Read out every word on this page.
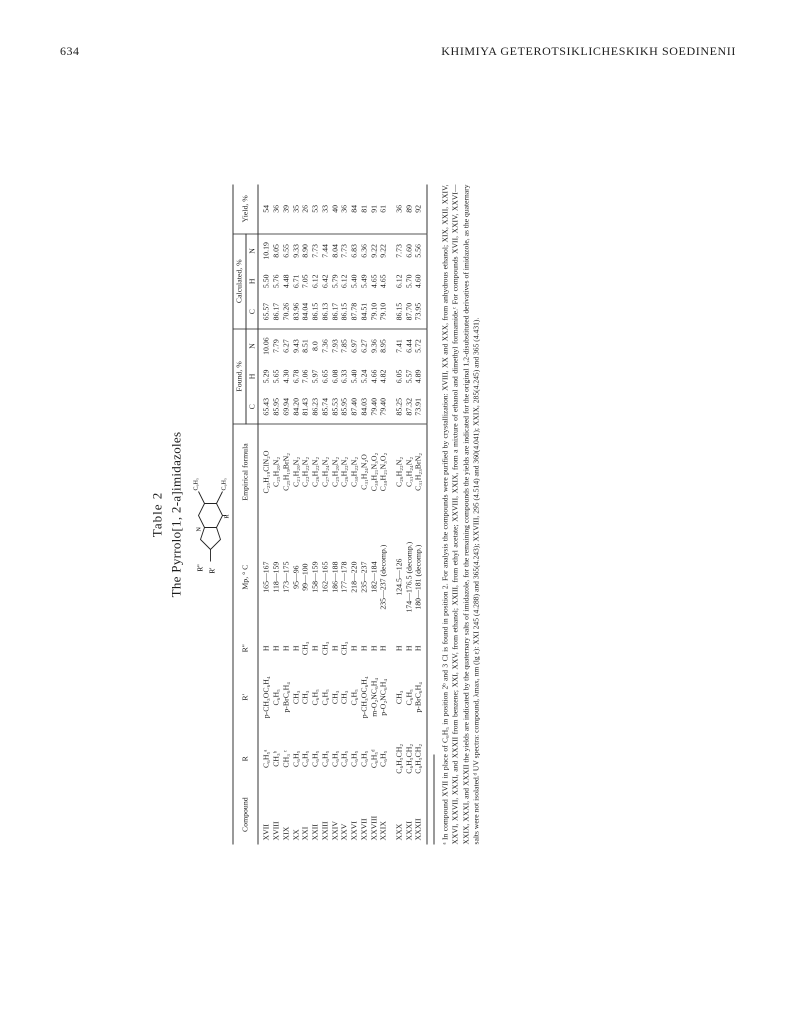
634	KHIMIYA GETEROTSIKLICHESKIKH SOEDINENII
Table 2 The Pyrrolo[1, 2-a]imidazoles R'' R'
N
C₆H₅	C₆H₅
R
Compound	R	R'	R''	Mp, ° C	Empirical formula	Found, %			Calculated, %			Yield, %
						C	H	N	C	H	N	
XVII	C₆H₅ᵃ	p-CH₃OC₆H₄	H	165—167	C₂₅H₁₉ClN₂O	65.43	5.29	10.06	65.57	5.50	10.19	54
XVIII	CH₃ᵇ	C₆H₅	H	118—159	C₂₅H₂₀N₂	85.95	5.65	7.79	86.17	5.76	8.05	36
XIX	CH₃ ᶜ	p-BrC₆H₄	H	173—175	C₂₅H₁₉BrN₂	69.94	4.30	6.27	70.26	4.48	6.55	39
XX	C₆H₅	CH₃	H	95—96	C₂₁H₂₀N₂	84.20	6.78	9.43	83.96	6.71	9.33	35
XXI	C₆H₅	CH₃	CH₃	99—100	C₂₂H₂₂N₂	81.43	7.06	8.51	84.04	7.05	8.90	26
XXII	C₆H₅	C₆H₅	H	158—159	C₂₆H₂₂N₂	86.23	5.97	8.0	86.15	6.12	7.73	53
XXIII	C₆H₅	C₆H₅	CH₃	162—165	C₂₇H₂₄N₂	85.74	6.65	7.36	86.13	6.42	7.44	33
XXIV	C₆H₅	CH₃	H	186—188	C₂₅H₂₀N₂	85.53	6.08	7.93	86.17	5.79	8.04	40
XXV	C₆H₅	CH₃	CH₃	177—178	C₂₆H₂₂N₂	85.95	6.33	7.85	86.15	6.12	7.73	36
XXVI	C₆H₅	C₆H₅	H	218—220	C₃₀H₂₂N₂	87.40	5.40	6.97	87.78	5.40	6.83	84
XXVII	C₆H₅	p-CH₃OC₆H₄	H	235—237	C₃₁H₂₄N₂O	84.03	5.24	6.27	84.51	5.49	6.36	81
XXVIII	C₆H₅ᵈ	m-O₂NC₆H₄	H	182—184	C₃₀H₂₁N₃O₂	79.40	4.66	9.36	79.10	4.65	9.22	91
XXIX	C₆H₅	p-O₂NC₆H₄	H	235—237 (decomp.)	C₃₀H₂₁N₃O₂	79.40	4.82	8.95	79.10	4.65	9.22	61
XXX	C₆H₅CH₂	CH₃	H	124.5—126	C₂₆H₂₂N₂	85.25	6.05	7.41	86.15	6.12	7.73	36
XXXI	C₆H₅CH₂	C₆H₅	H	174—176.5 (decomp.)	C₃₁H₂₄N₂	87.32	5.57	6.44	87.70	5.70	6.60	89
XXXII	C₆H₅CH₂	p-BrC₆H₄	H	180—181 (decomp.)	C₃₁H₂₃BrN₂	73.91	4.89	5.72	73.95	4.60	5.56	92 ᵃ In compound XVII in place of C₆H₅ in position 2ᵇ and 3 Cl is found in position 2. For analysis the compounds were purified by crystallization: XVIII, XX and XXX, from anhydrous ethanol; XIX, XXII, XXIV, XXVI, XXVII, XXXI, and XXXII from benzene; XXI, XXV, from ethanol; XXIII, from ethyl acetate; XXVIII, XXIX, from a mixture of ethanol and dimethyl formamide.ᶜ For compounds XVII, XXIV, XXVI—XXIX, XXXI, and XXXII the yields are indicated by the quaternary salts of imidazole, for the remaining compounds the yields are indicated for the original 1,2-disubstituted derivatives of imidazole, as the quaternary salts were not isolated.ᵈ UV spectra: compound, λmax, nm (lg ε): XXI 245 (4.288) and 365(4.243); XXVIII, 295 (4.514) and 360(4.041); XXIX, 285(4.245) and 365 (4.431).
